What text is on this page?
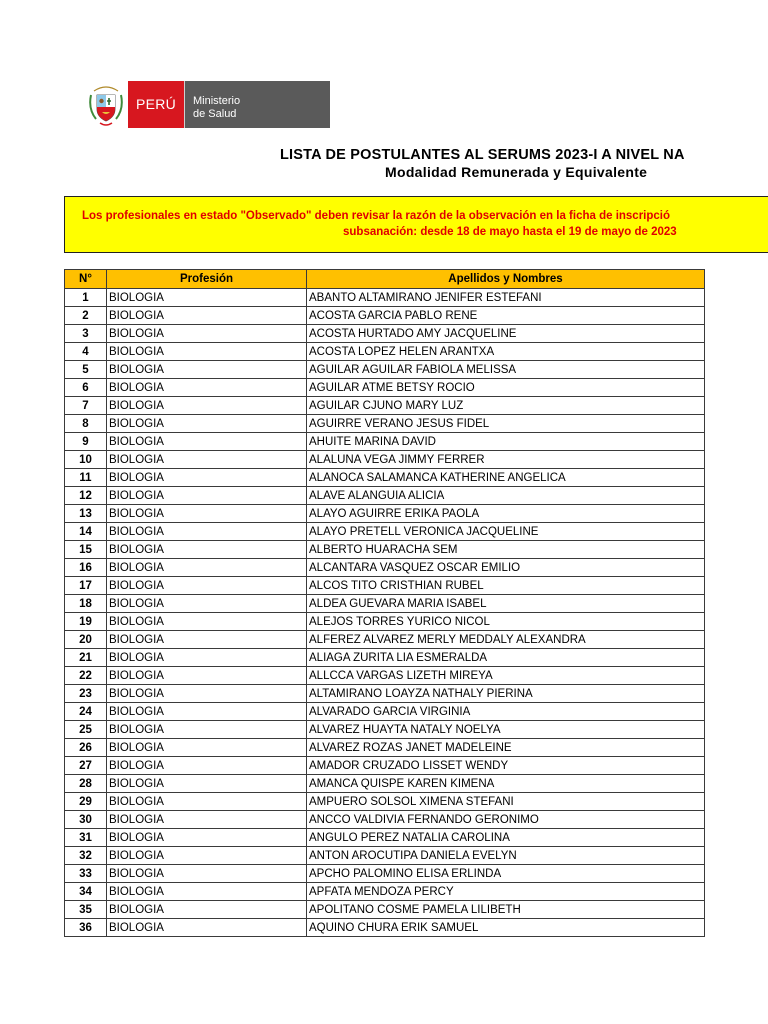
PERÚ	Ministerio
de Salud
LISTA DE POSTULANTES AL SERUMS 2023-I A NIVEL NA
Modalidad Remunerada y Equivalente
Los profesionales en estado "Observado" deben revisar la razón de la observación en la ficha de inscripció
subsanación: desde 18 de mayo hasta el 19 de mayo de 2023
N°	Profesión	Apellidos y Nombres
1	BIOLOGIA	ABANTO ALTAMIRANO JENIFER ESTEFANI
2	BIOLOGIA	ACOSTA GARCIA PABLO RENE
3	BIOLOGIA	ACOSTA HURTADO AMY JACQUELINE
4	BIOLOGIA	ACOSTA LOPEZ HELEN ARANTXA
5	BIOLOGIA	AGUILAR AGUILAR FABIOLA MELISSA
6	BIOLOGIA	AGUILAR ATME BETSY ROCIO
7	BIOLOGIA	AGUILAR CJUNO MARY LUZ
8	BIOLOGIA	AGUIRRE VERANO JESUS FIDEL
9	BIOLOGIA	AHUITE MARINA DAVID
10	BIOLOGIA	ALALUNA VEGA JIMMY FERRER
11	BIOLOGIA	ALANOCA SALAMANCA KATHERINE ANGELICA
12	BIOLOGIA	ALAVE ALANGUIA ALICIA
13	BIOLOGIA	ALAYO AGUIRRE ERIKA PAOLA
14	BIOLOGIA	ALAYO PRETELL VERONICA JACQUELINE
15	BIOLOGIA	ALBERTO HUARACHA SEM
16	BIOLOGIA	ALCANTARA VASQUEZ OSCAR EMILIO
17	BIOLOGIA	ALCOS TITO CRISTHIAN RUBEL
18	BIOLOGIA	ALDEA GUEVARA MARIA ISABEL
19	BIOLOGIA	ALEJOS TORRES YURICO NICOL
20	BIOLOGIA	ALFEREZ ALVAREZ MERLY MEDDALY ALEXANDRA
21	BIOLOGIA	ALIAGA ZURITA LIA ESMERALDA
22	BIOLOGIA	ALLCCA VARGAS LIZETH MIREYA
23	BIOLOGIA	ALTAMIRANO LOAYZA NATHALY PIERINA
24	BIOLOGIA	ALVARADO GARCIA VIRGINIA
25	BIOLOGIA	ALVAREZ HUAYTA NATALY NOELYA
26	BIOLOGIA	ALVAREZ ROZAS JANET MADELEINE
27	BIOLOGIA	AMADOR CRUZADO LISSET WENDY
28	BIOLOGIA	AMANCA QUISPE KAREN KIMENA
29	BIOLOGIA	AMPUERO SOLSOL XIMENA STEFANI
30	BIOLOGIA	ANCCO VALDIVIA FERNANDO GERONIMO
31	BIOLOGIA	ANGULO PEREZ NATALIA CAROLINA
32	BIOLOGIA	ANTON AROCUTIPA DANIELA EVELYN
33	BIOLOGIA	APCHO PALOMINO ELISA ERLINDA
34	BIOLOGIA	APFATA MENDOZA PERCY
35	BIOLOGIA	APOLITANO COSME PAMELA LILIBETH
36	BIOLOGIA	AQUINO CHURA ERIK SAMUEL
